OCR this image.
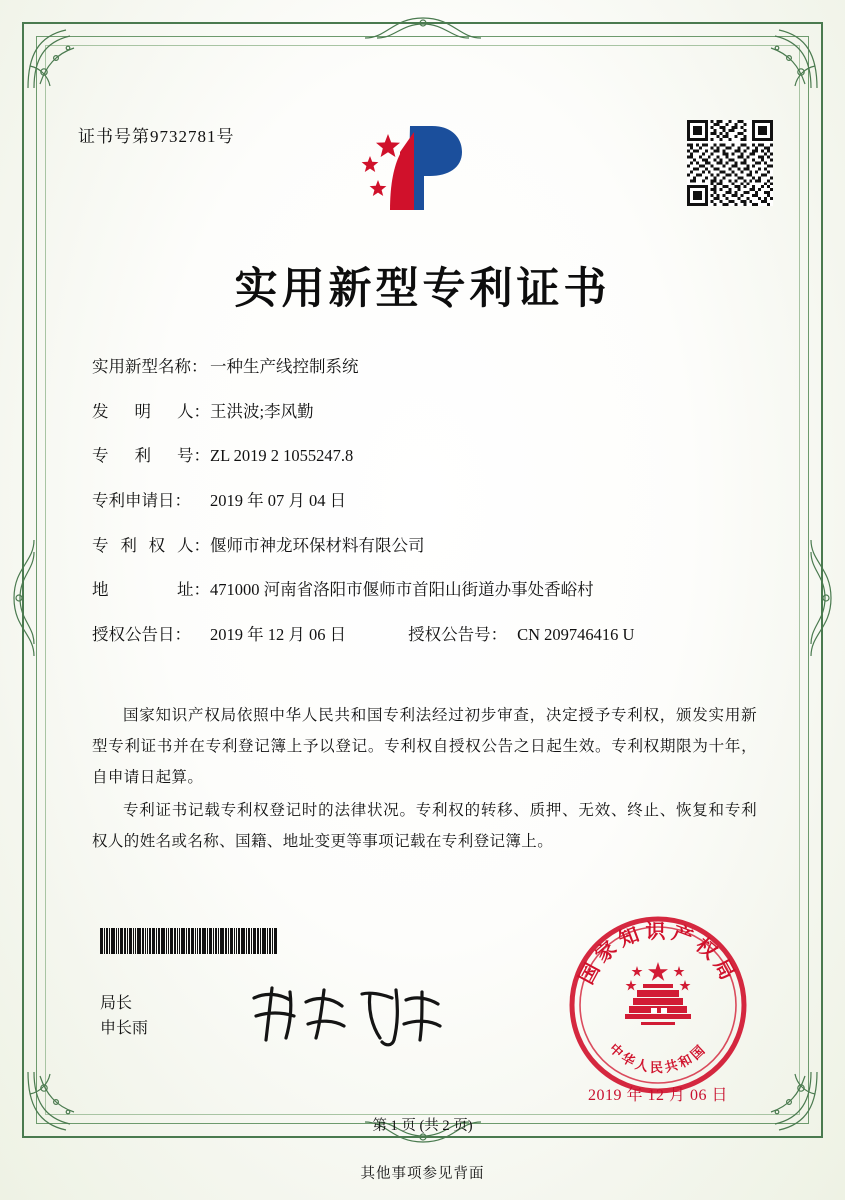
证书号第9732781号
实用新型专利证书
实用新型名称： 一种生产线控制系统
发 明 人： 王洪波;李风勤
专 利 号： ZL 2019 2 1055247.8
专利申请日：	2019 年 07 月 04 日
专 利 权 人： 偃师市神龙环保材料有限公司
地	址： 471000 河南省洛阳市偃师市首阳山街道办事处香峪村
授权公告日：	2019 年 12 月 06 日	授权公告号： CN 209746416 U

国家知识产权局依照中华人民共和国专利法经过初步审查，决定授予专利权，颁发实用新型专利证书并在专利登记簿上予以登记。专利权自授权公告之日起生效。专利权期限为十年，自申请日起算。

专利证书记载专利权登记时的法律状况。专利权的转移、质押、无效、终止、恢复和专利权人的姓名或名称、国籍、地址变更等事项记载在专利登记簿上。

局长
申长雨
国家知识产权局
中华人民共和国
2019 年 12 月 06 日
第 1 页 (共 2 页)
其他事项参见背面
